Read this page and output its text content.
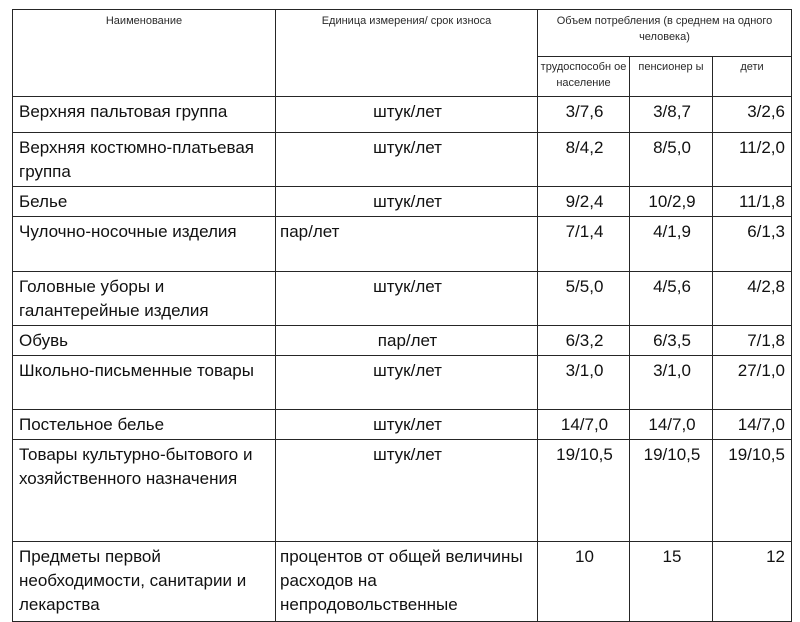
Наименование	Единица измерения/ срок износа	Объем потребления (в среднем на одного человека)		
		трудоспособн ое население	пенсионер ы	дети
Верхняя пальтовая группа	штук/лет	3/7,6	3/8,7	3/2,6
Верхняя костюмно-платьевая группа	штук/лет	8/4,2	8/5,0	11/2,0
Белье	штук/лет	9/2,4	10/2,9	11/1,8
Чулочно-носочные изделия	пар/лет	7/1,4	4/1,9	6/1,3
Головные уборы и галантерейные изделия	штук/лет	5/5,0	4/5,6	4/2,8
Обувь	пар/лет	6/3,2	6/3,5	7/1,8
Школьно-письменные товары	штук/лет	3/1,0	3/1,0	27/1,0
Постельное белье	штук/лет	14/7,0	14/7,0	14/7,0
Товары культурно-бытового и хозяйственного назначения	штук/лет	19/10,5	19/10,5	19/10,5
Предметы первой необходимости, санитарии и лекарства	процентов от общей величины расходов на непродовольственные	10	15	12
